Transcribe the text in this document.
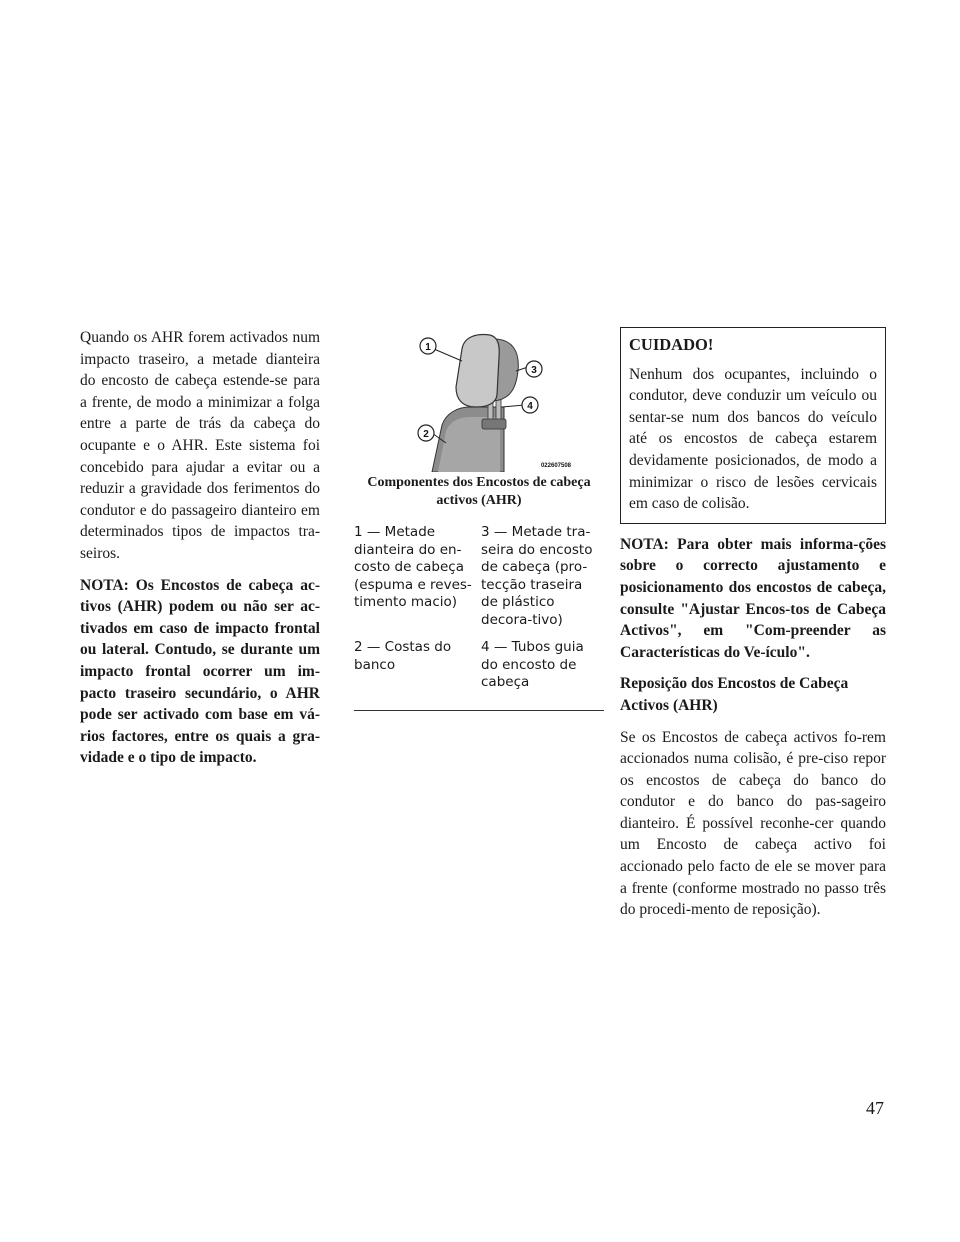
Quando os AHR forem activados num impacto traseiro, a metade dianteira do encosto de cabeça estende-se para a frente, de modo a minimizar a folga entre a parte de trás da cabeça do ocupante e o AHR. Este sistema foi concebido para ajudar a evitar ou a reduzir a gravidade dos ferimentos do condutor e do passageiro dianteiro em determinados tipos de impactos tra-seiros.

NOTA: Os Encostos de cabeça ac-tivos (AHR) podem ou não ser ac-tivados em caso de impacto frontal ou lateral. Contudo, se durante um impacto frontal ocorrer um im-pacto traseiro secundário, o AHR pode ser activado com base em vá-rios factores, entre os quais a gra-vidade e o tipo de impacto.

1
2
3
4
022607508
Componentes dos Encostos de cabeça activos (AHR)
1 — Metade dianteira do en-costo de cabeça (espuma e reves-timento macio)
3 — Metade tra-seira do encosto de cabeça (pro-tecção traseira de plástico decora-tivo)
2 — Costas do banco
4 — Tubos guia do encosto de cabeça
CUIDADO!

Nenhum dos ocupantes, incluindo o condutor, deve conduzir um veículo ou sentar-se num dos bancos do veículo até os encostos de cabeça estarem devidamente posicionados, de modo a minimizar o risco de lesões cervicais em caso de colisão.

NOTA: Para obter mais informa-ções sobre o correcto ajustamento e posicionamento dos encostos de cabeça, consulte "Ajustar Encos-tos de Cabeça Activos", em "Com-preender as Características do Ve-ículo".

Reposição dos Encostos de Cabeça Activos (AHR)

Se os Encostos de cabeça activos fo-rem accionados numa colisão, é pre-ciso repor os encostos de cabeça do banco do condutor e do banco do pas-sageiro dianteiro. É possível reconhe-cer quando um Encosto de cabeça activo foi accionado pelo facto de ele se mover para a frente (conforme mostrado no passo três do procedi-mento de reposição).

47
